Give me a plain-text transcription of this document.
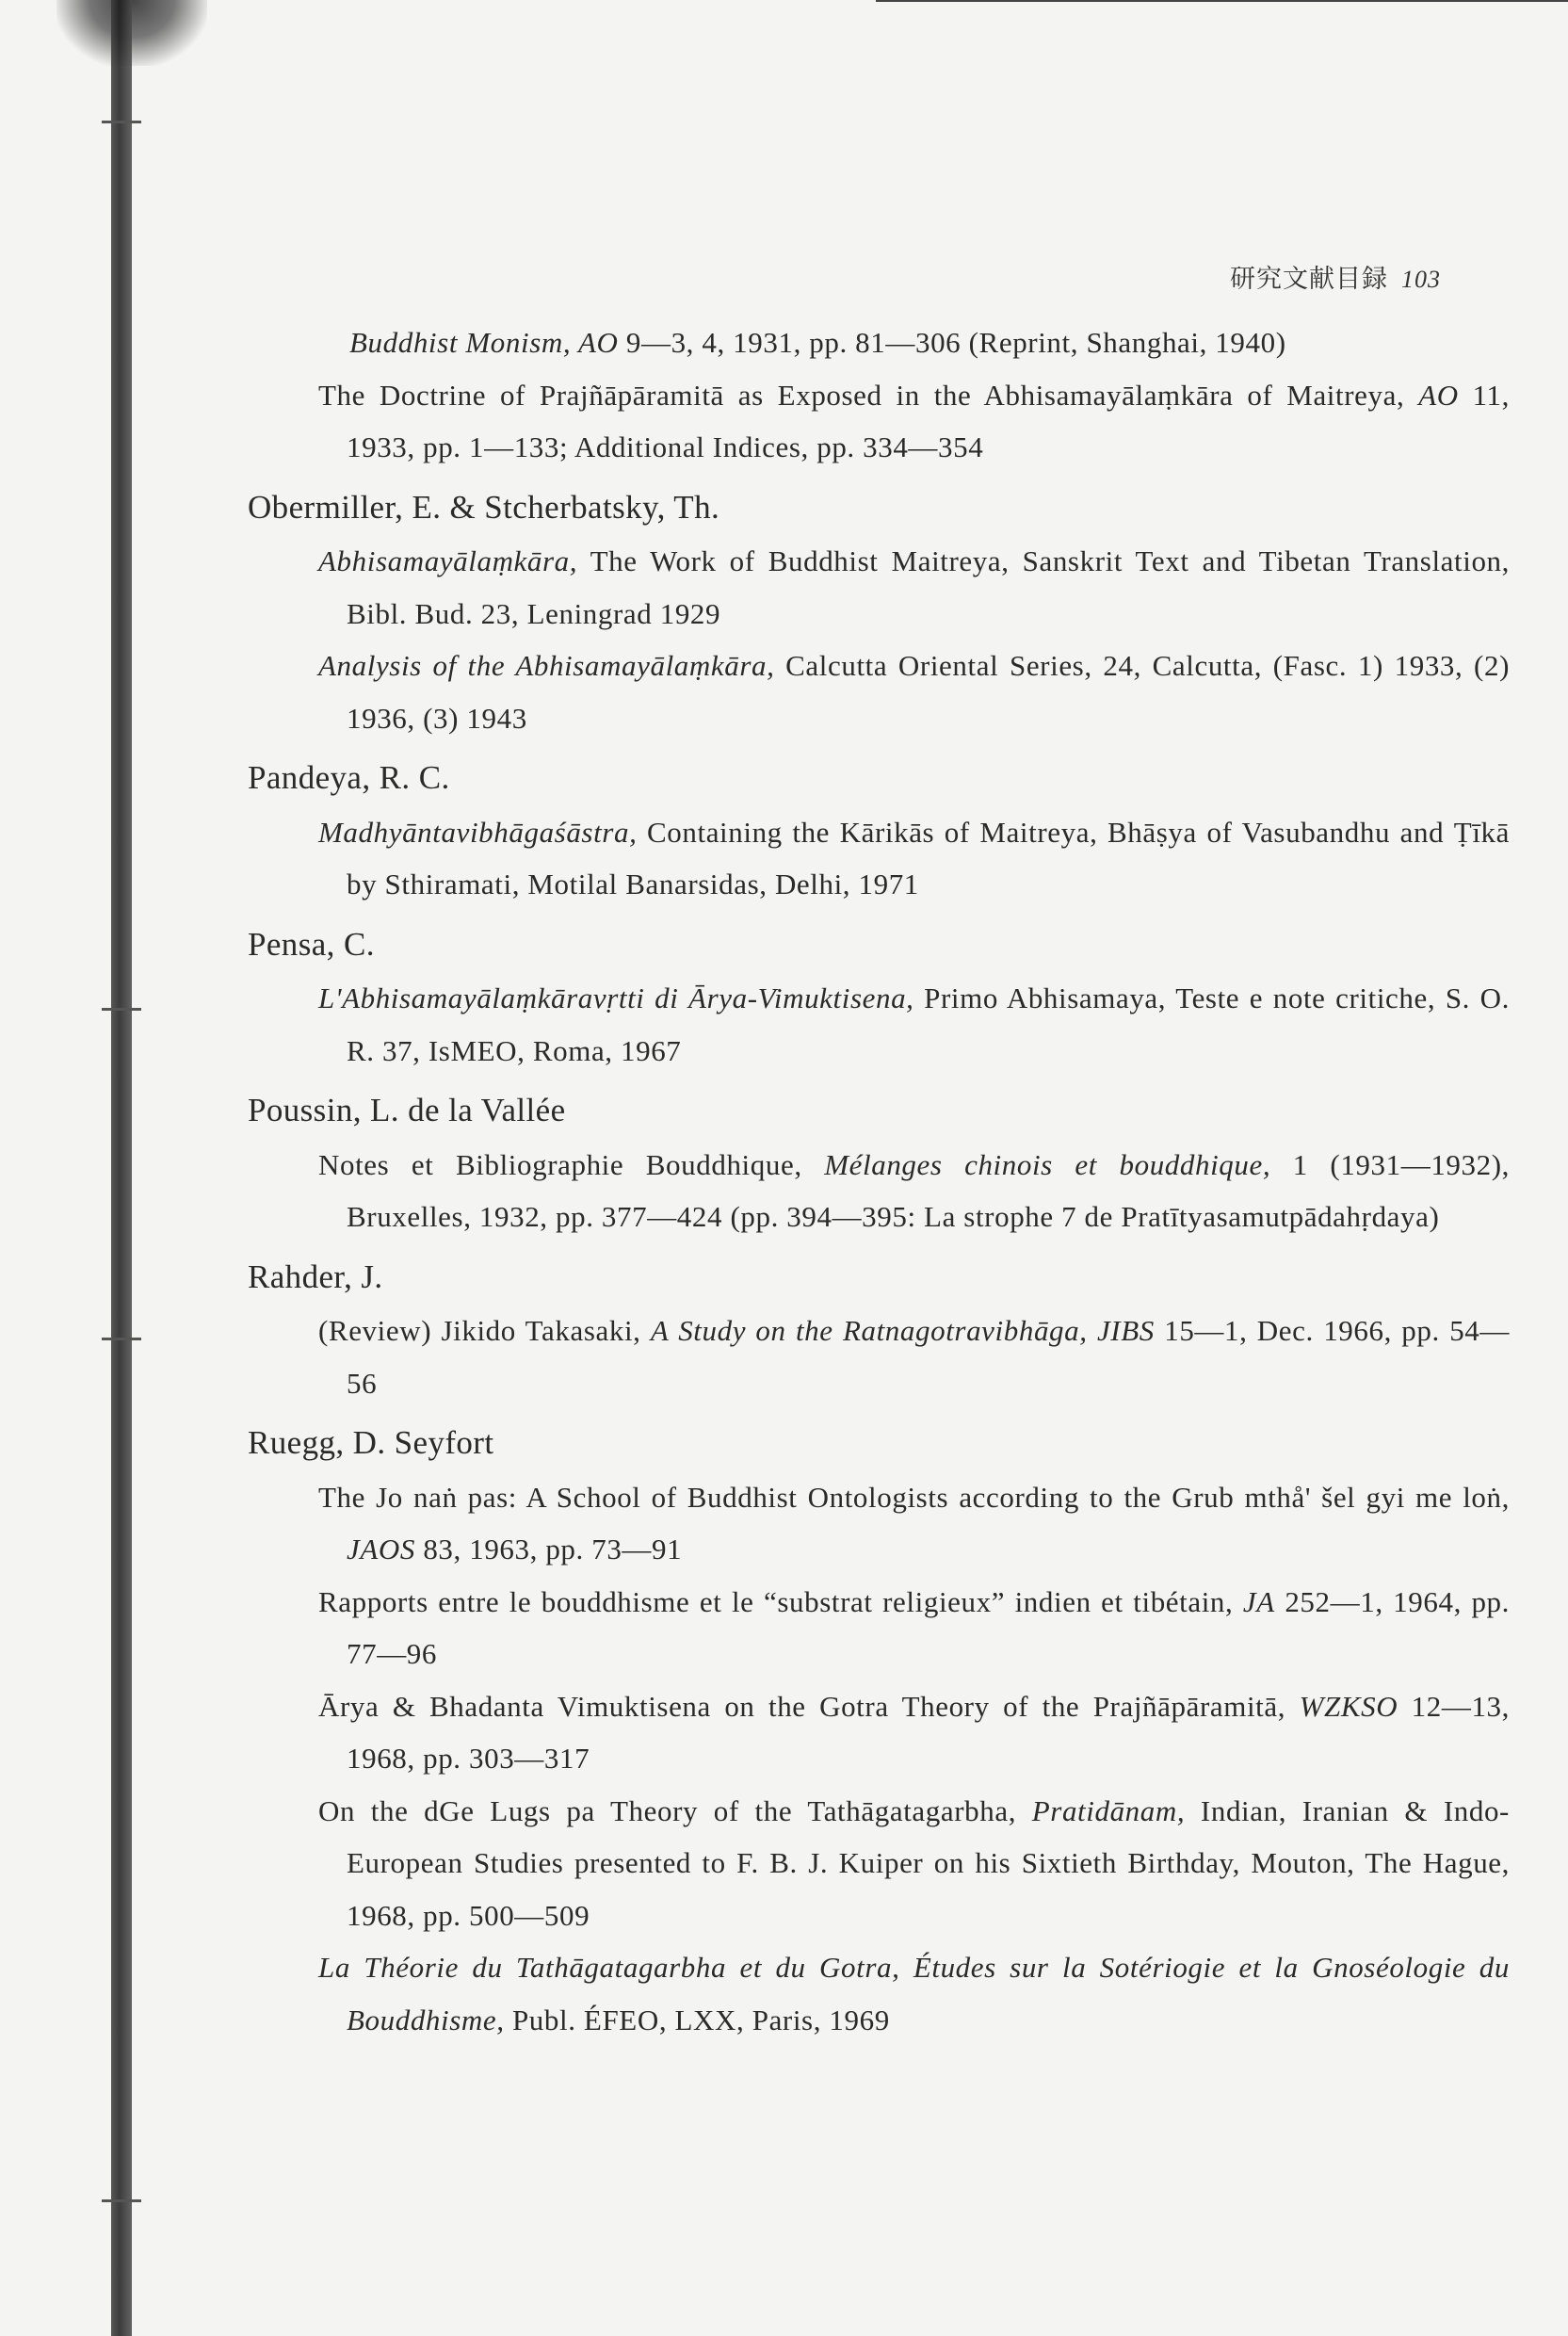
研究文献目録 103
Buddhist Monism, AO 9—3, 4, 1931, pp. 81—306 (Reprint, Shanghai, 1940)
The Doctrine of Prajñāpāramitā as Exposed in the Abhisamayālaṃkāra of Maitreya, AO 11, 1933, pp. 1—133; Additional Indices, pp. 334—354
Obermiller, E. & Stcherbatsky, Th.
Abhisamayālaṃkāra, The Work of Buddhist Maitreya, Sanskrit Text and Tibetan Translation, Bibl. Bud. 23, Leningrad 1929
Analysis of the Abhisamayālaṃkāra, Calcutta Oriental Series, 24, Calcutta, (Fasc. 1) 1933, (2) 1936, (3) 1943
Pandeya, R. C.
Madhyāntavibhāgaśāstra, Containing the Kārikās of Maitreya, Bhāṣya of Vasubandhu and Ṭīkā by Sthiramati, Motilal Banarsidas, Delhi, 1971
Pensa, C.
L'Abhisamayālaṃkāravṛtti di Ārya-Vimuktisena, Primo Abhisamaya, Teste e note critiche, S. O. R. 37, IsMEO, Roma, 1967
Poussin, L. de la Vallée
Notes et Bibliographie Bouddhique, Mélanges chinois et bouddhique, 1 (1931—1932), Bruxelles, 1932, pp. 377—424 (pp. 394—395: La strophe 7 de Pratītyasamutpādahṛdaya)
Rahder, J.
(Review) Jikido Takasaki, A Study on the Ratnagotravibhāga, JIBS 15—1, Dec. 1966, pp. 54—56
Ruegg, D. Seyfort
The Jo naṅ pas: A School of Buddhist Ontologists according to the Grub mthå' šel gyi me loṅ, JAOS 83, 1963, pp. 73—91
Rapports entre le bouddhisme et le “substrat religieux” indien et tibétain, JA 252—1, 1964, pp. 77—96
Ārya & Bhadanta Vimuktisena on the Gotra Theory of the Prajñāpāramitā, WZKSO 12—13, 1968, pp. 303—317
On the dGe Lugs pa Theory of the Tathāgatagarbha, Pratidānam, Indian, Iranian & Indo-European Studies presented to F. B. J. Kuiper on his Sixtieth Birthday, Mouton, The Hague, 1968, pp. 500—509
La Théorie du Tathāgatagarbha et du Gotra, Études sur la Sotériogie et la Gnoséologie du Bouddhisme, Publ. ÉFEO, LXX, Paris, 1969
